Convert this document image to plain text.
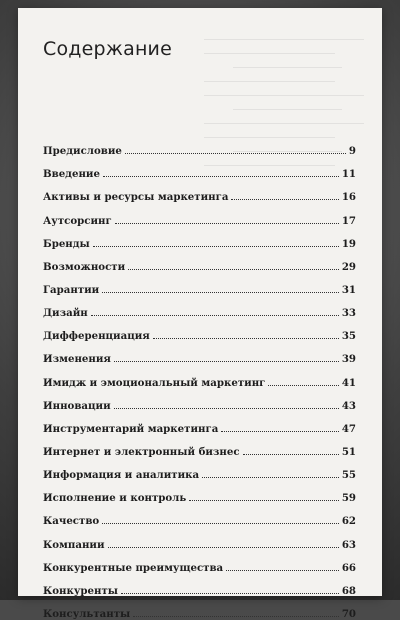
Содержание
Предисловие	9
Введение	11
Активы и ресурсы маркетинга	16
Аутсорсинг	17
Бренды	19
Возможности	29
Гарантии	31
Дизайн	33
Дифференциация	35
Изменения	39
Имидж и эмоциональный маркетинг	41
Инновации	43
Инструментарий маркетинга	47
Интернет и электронный бизнес	51
Информация и аналитика	55
Исполнение и контроль	59
Качество	62
Компании	63
Конкурентные преимущества	66
Конкуренты	68
Консультанты	70
